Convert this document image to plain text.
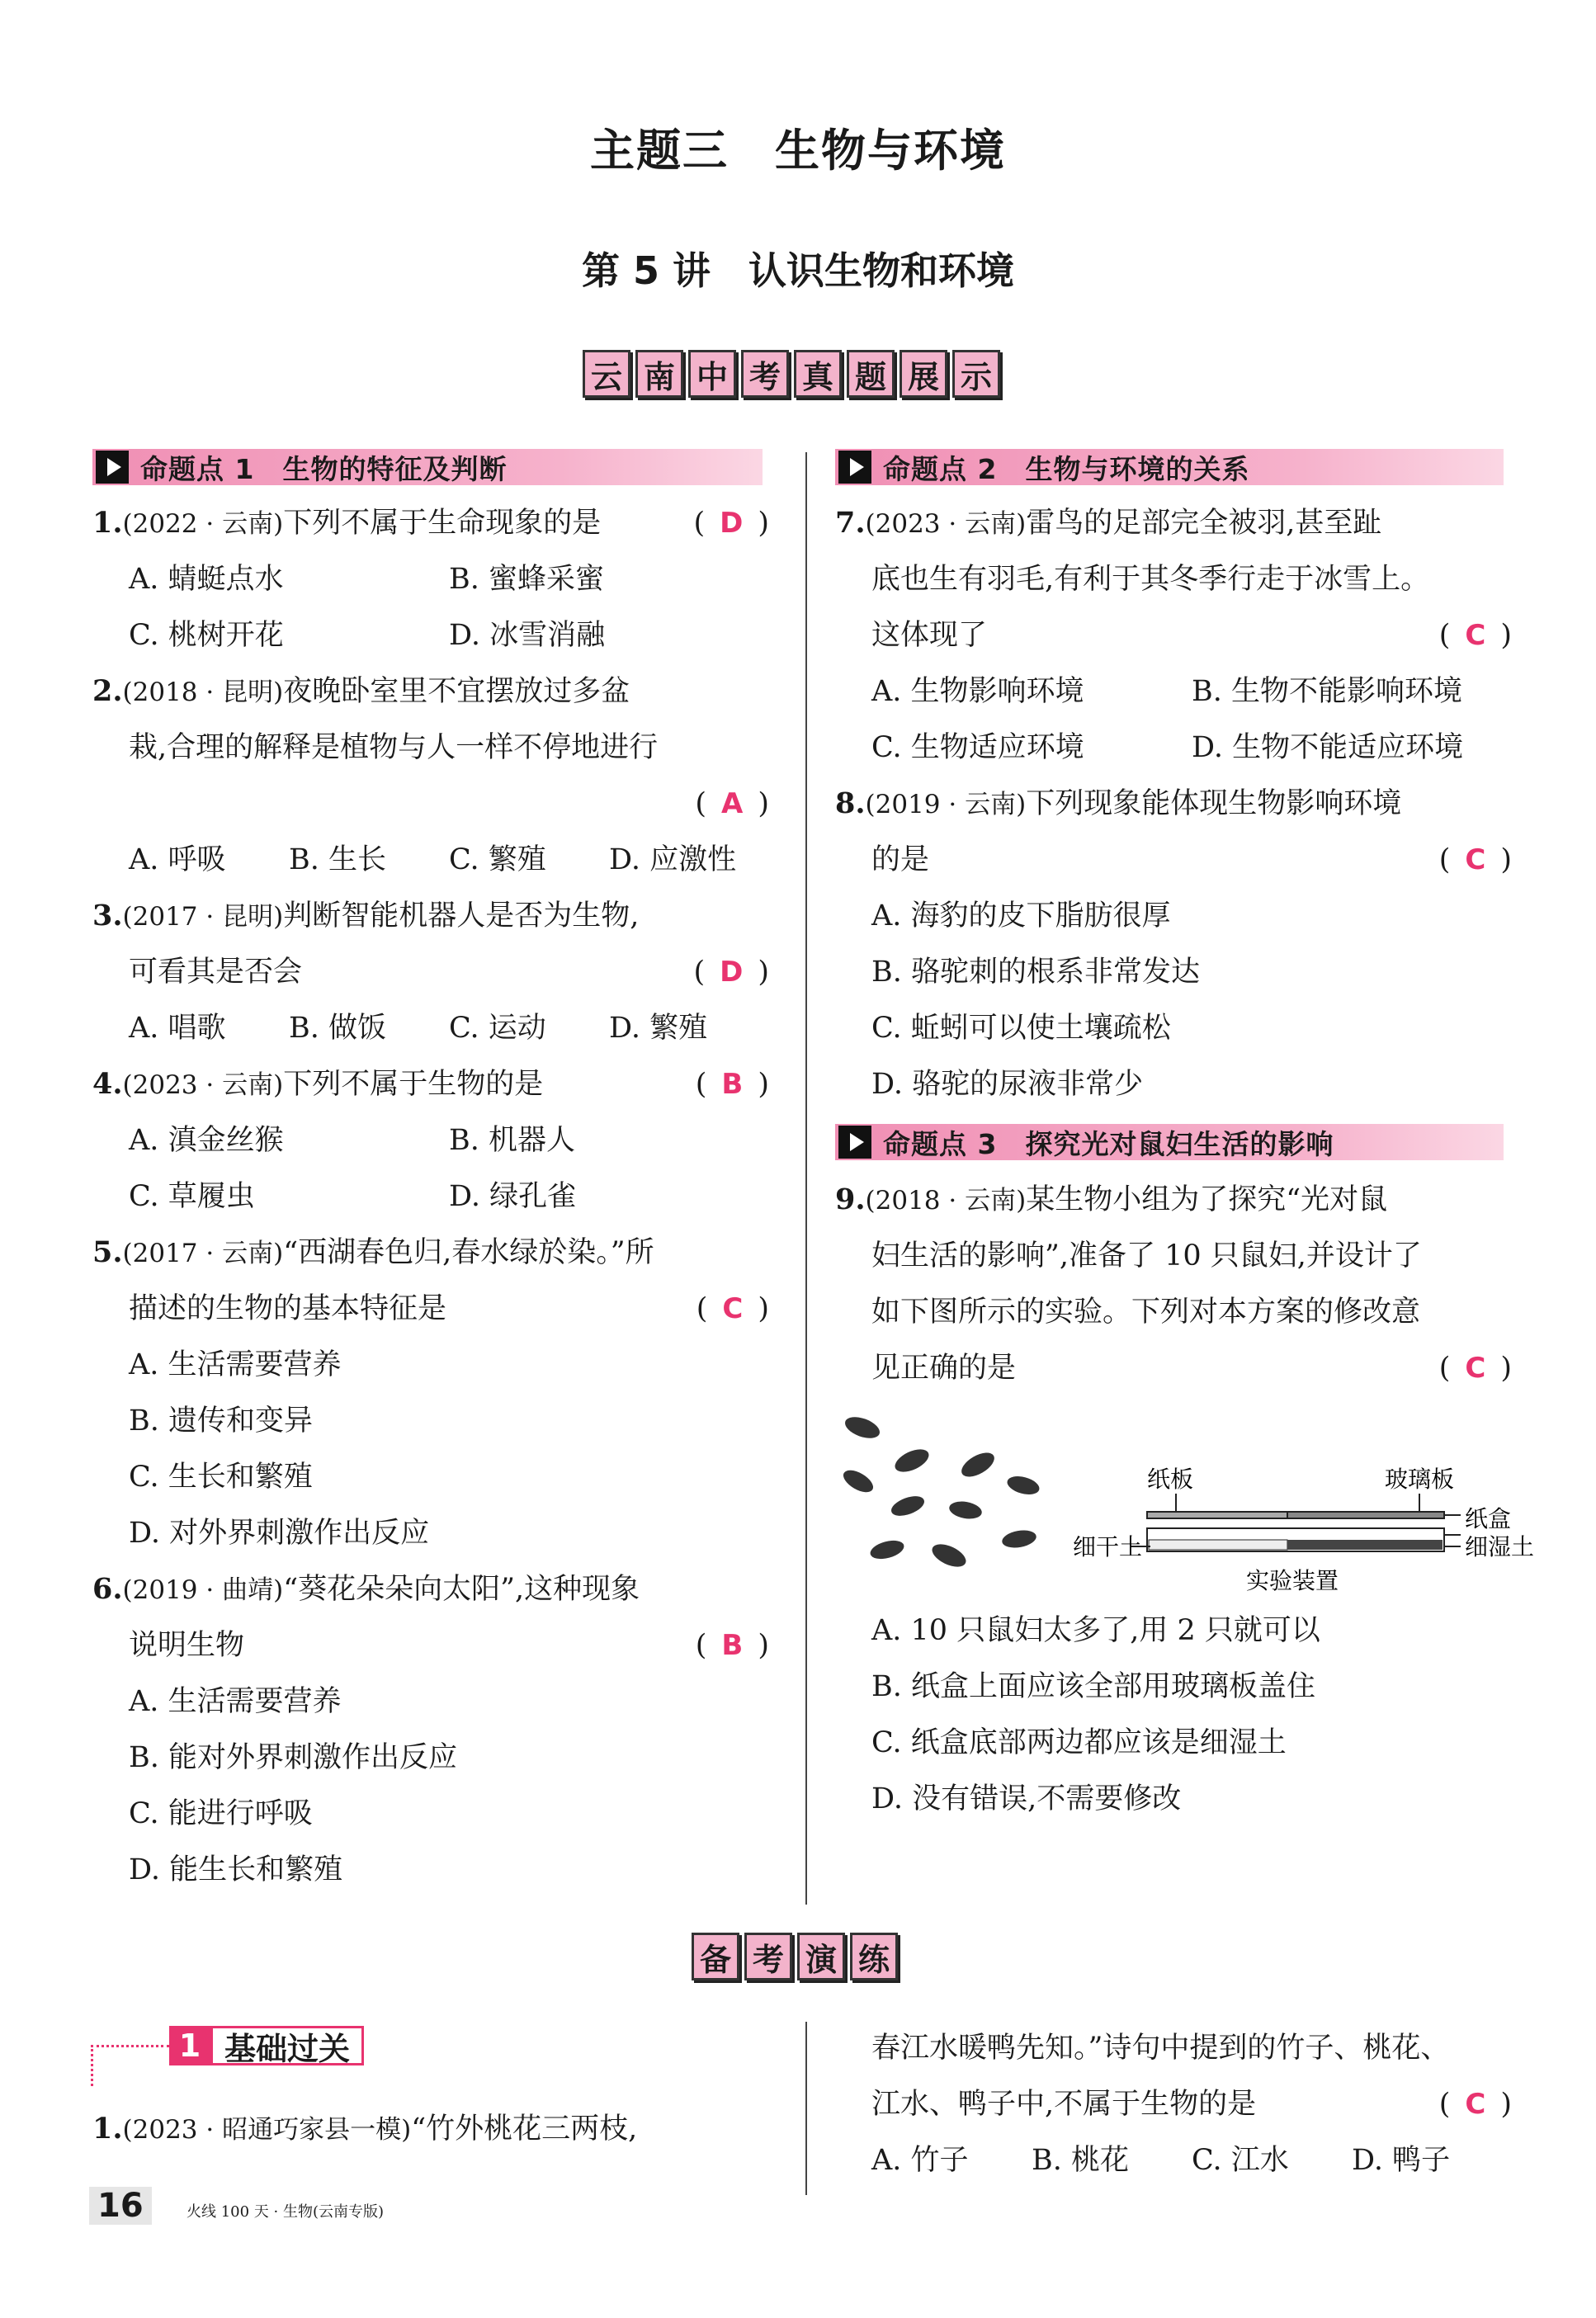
主题三　生物与环境
第 5 讲　认识生物和环境
云 南 中 考 真 题 展 示
命题点 1　生物的特征及判断	命题点 2　生物与环境的关系
命题点 3　探究光对鼠妇生活的影响
1.(2022 · 云南)下列不属于生命现象的是	( D )
A. 蜻蜓点水	B. 蜜蜂采蜜
C. 桃树开花	D. 冰雪消融
2.(2018 · 昆明)夜晚卧室里不宜摆放过多盆
栽,合理的解释是植物与人一样不停地进行
( A )
A. 呼吸	B. 生长	C. 繁殖	D. 应激性
3.(2017 · 昆明)判断智能机器人是否为生物,
可看其是否会	( D )
A. 唱歌	B. 做饭	C. 运动	D. 繁殖
4.(2023 · 云南)下列不属于生物的是	( B )
A. 滇金丝猴	B. 机器人
C. 草履虫	D. 绿孔雀
5.(2017 · 云南)“西湖春色归,春水绿於染。”所
描述的生物的基本特征是	( C )
A. 生活需要营养
B. 遗传和变异
C. 生长和繁殖
D. 对外界刺激作出反应
6.(2019 · 曲靖)“葵花朵朵向太阳”,这种现象
说明生物	( B )
A. 生活需要营养
B. 能对外界刺激作出反应
C. 能进行呼吸
D. 能生长和繁殖
7.(2023 · 云南)雷鸟的足部完全被羽,甚至趾
底也生有羽毛,有利于其冬季行走于冰雪上。
这体现了	( C )
A. 生物影响环境	B. 生物不能影响环境
C. 生物适应环境	D. 生物不能适应环境
8.(2019 · 云南)下列现象能体现生物影响环境
的是	( C )
A. 海豹的皮下脂肪很厚
B. 骆驼刺的根系非常发达
C. 蚯蚓可以使土壤疏松
D. 骆驼的尿液非常少
9.(2018 · 云南)某生物小组为了探究“光对鼠
妇生活的影响”,准备了 10 只鼠妇,并设计了
如下图所示的实验。下列对本方案的修改意
见正确的是	( C )
纸板	玻璃板
纸盒
细湿土
细干土
实验装置
A. 10 只鼠妇太多了,用 2 只就可以
B. 纸盒上面应该全部用玻璃板盖住
C. 纸盒底部两边都应该是细湿土
D. 没有错误,不需要修改
备 考 演 练
1 基础过关
1.(2023 · 昭通巧家县一模)“竹外桃花三两枝,
春江水暖鸭先知。”诗句中提到的竹子、桃花、
江水、鸭子中,不属于生物的是	( C )
A. 竹子	B. 桃花	C. 江水	D. 鸭子
16	火线 100 天 · 生物(云南专版)
